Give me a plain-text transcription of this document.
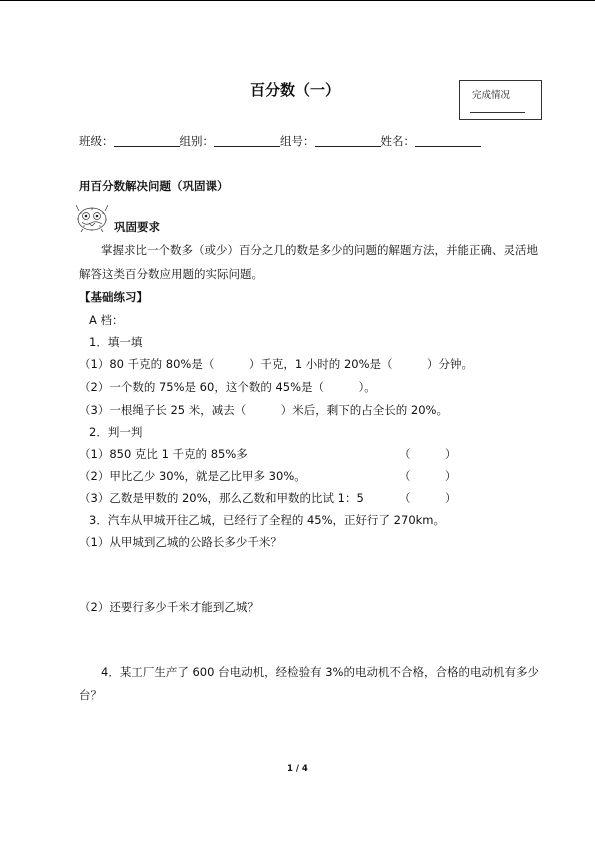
百分数（一）	完成情况
班级：	组别：	组号：	姓名：
用百分数解决问题（巩固课）
巩固要求
掌握求比一个数多（或少）百分之几的数是多少的问题的解题方法，并能正确、灵活地
解答这类百分数应用题的实际问题。
【基础练习】
A 档：
1．填一填
（1）80 千克的 80%是（　　　）千克，1 小时的 20%是（　　　）分钟。
（2）一个数的 75%是 60，这个数的 45%是（　　　）。
（3）一根绳子长 25 米，减去（　　　）米后，剩下的占全长的 20%。
2．判一判
（1）850 克比 1 千克的 85%多	（　　　）
（2）甲比乙少 30%，就是乙比甲多 30%。	（　　　）
（3）乙数是甲数的 20%，那么乙数和甲数的比试 1：5	（　　　）
3．汽车从甲城开往乙城，已经行了全程的 45%，正好行了 270km。
（1）从甲城到乙城的公路长多少千米？
（2）还要行多少千米才能到乙城？
4．某工厂生产了 600 台电动机，经检验有 3%的电动机不合格，合格的电动机有多少
台？
1 / 4
